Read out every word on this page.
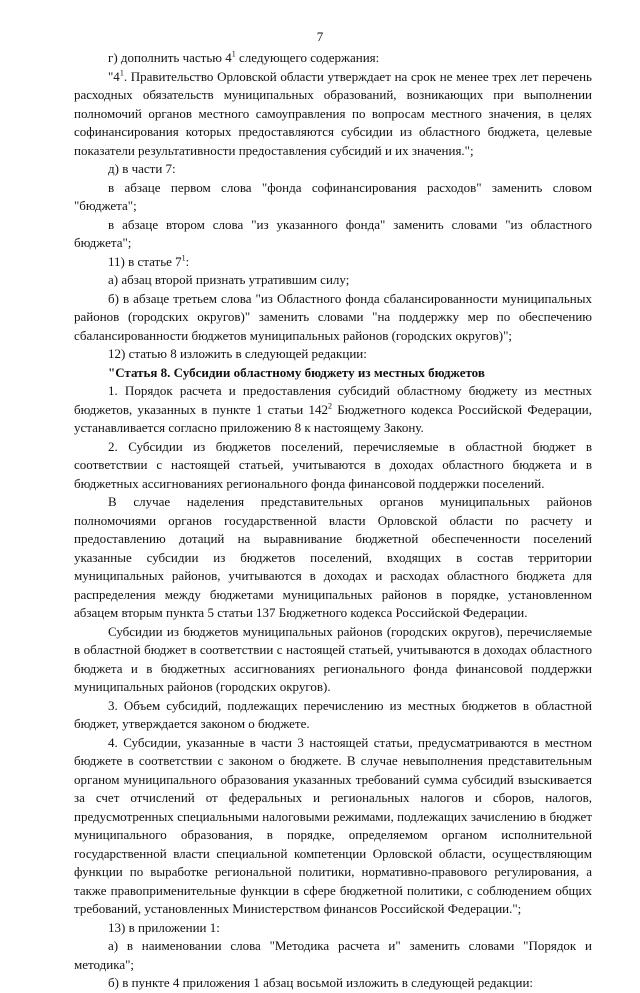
7

г) дополнить частью $4^1$ следующего содержания:

"$4^1$. Правительство Орловской области утверждает на срок не менее трех лет перечень расходных обязательств муниципальных образований, возникающих при выполнении полномочий органов местного самоуправления по вопросам местного значения, в целях софинансирования которых предоставляются субсидии из областного бюджета, целевые показатели результативности предоставления субсидий и их значения.";

д) в части 7:

в абзаце первом слова "фонда софинансирования расходов" заменить словом "бюджета";

в абзаце втором слова "из указанного фонда" заменить словами "из областного бюджета";

11) в статье $7^1$:

а) абзац второй признать утратившим силу;

б) в абзаце третьем слова "из Областного фонда сбалансированности муниципальных районов (городских округов)" заменить словами "на поддержку мер по обеспечению сбалансированности бюджетов муниципальных районов (городских округов)";

12) статью 8 изложить в следующей редакции:

"Статья 8. Субсидии областному бюджету из местных бюджетов

1. Порядок расчета и предоставления субсидий областному бюджету из местных бюджетов, указанных в пункте 1 статьи $142^2$ Бюджетного кодекса Российской Федерации, устанавливается согласно приложению 8 к настоящему Закону.

2. Субсидии из бюджетов поселений, перечисляемые в областной бюджет в соответствии с настоящей статьей, учитываются в доходах областного бюджета и в бюджетных ассигнованиях регионального фонда финансовой поддержки поселений.

В случае наделения представительных органов муниципальных районов полномочиями органов государственной власти Орловской области по расчету и предоставлению дотаций на выравнивание бюджетной обеспеченности поселений указанные субсидии из бюджетов поселений, входящих в состав территории муниципальных районов, учитываются в доходах и расходах областного бюджета для распределения между бюджетами муниципальных районов в порядке, установленном абзацем вторым пункта 5 статьи 137 Бюджетного кодекса Российской Федерации.

Субсидии из бюджетов муниципальных районов (городских округов), перечисляемые в областной бюджет в соответствии с настоящей статьей, учитываются в доходах областного бюджета и в бюджетных ассигнованиях регионального фонда финансовой поддержки муниципальных районов (городских округов).

3. Объем субсидий, подлежащих перечислению из местных бюджетов в областной бюджет, утверждается законом о бюджете.

4. Субсидии, указанные в части 3 настоящей статьи, предусматриваются в местном бюджете в соответствии с законом о бюджете. В случае невыполнения представительным органом муниципального образования указанных требований сумма субсидий взыскивается за счет отчислений от федеральных и региональных налогов и сборов, налогов, предусмотренных специальными налоговыми режимами, подлежащих зачислению в бюджет муниципального образования, в порядке, определяемом органом исполнительной государственной власти специальной компетенции Орловской области, осуществляющим функции по выработке региональной политики, нормативно-правового регулирования, а также правоприменительные функции в сфере бюджетной политики, с соблюдением общих требований, установленных Министерством финансов Российской Федерации.";

13) в приложении 1:

а) в наименовании слова "Методика расчета и" заменить словами "Порядок и методика";

б) в пункте 4 приложения 1 абзац восьмой изложить в следующей редакции:
